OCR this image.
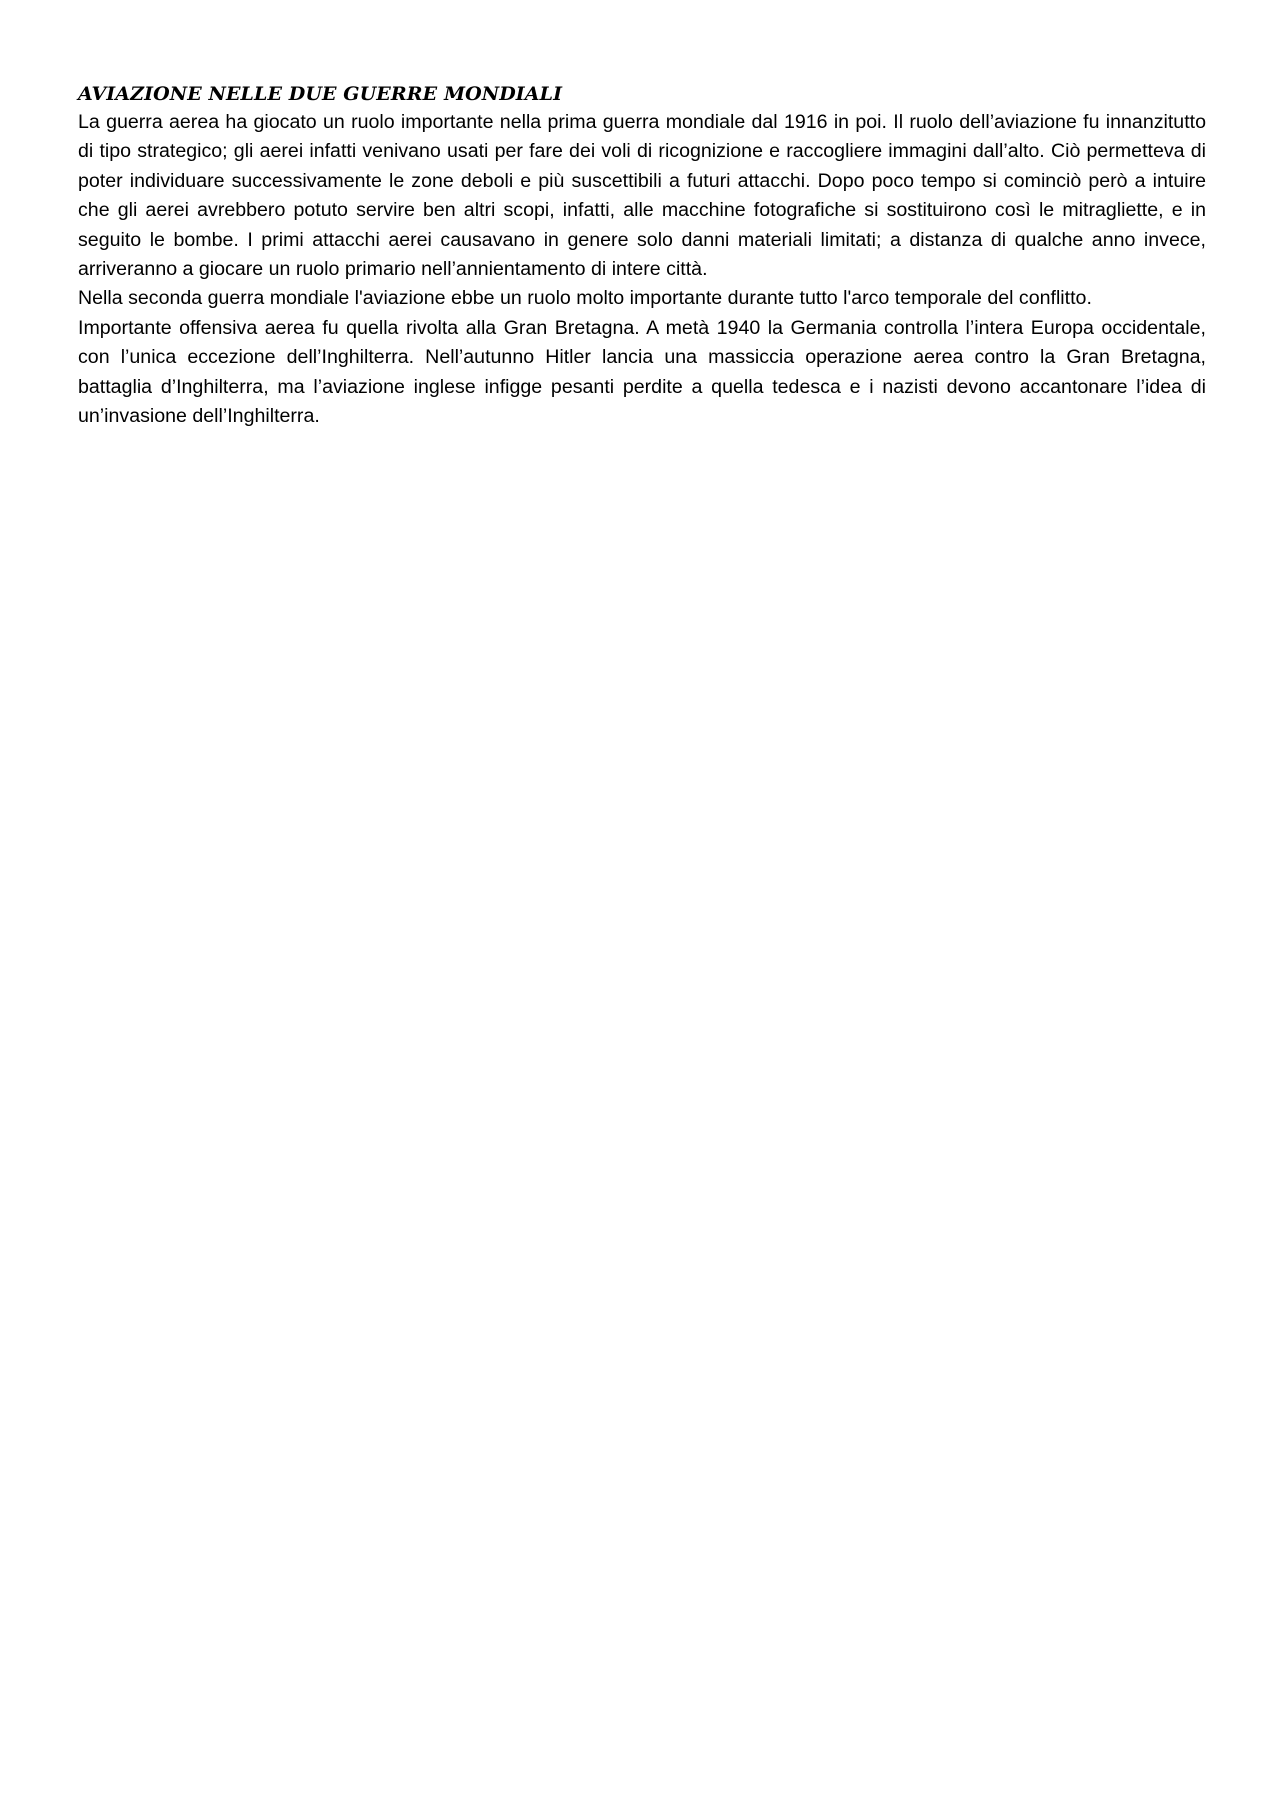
AVIAZIONE NELLE DUE GUERRE MONDIALI

La guerra aerea ha giocato un ruolo importante nella prima guerra mondiale dal 1916 in poi. Il ruolo dell’aviazione fu innanzitutto di tipo strategico; gli aerei infatti venivano usati per fare dei voli di ricognizione e raccogliere immagini dall’alto. Ciò permetteva di poter individuare successivamente le zone deboli e più suscettibili a futuri attacchi. Dopo poco tempo si cominciò però a intuire che gli aerei avrebbero potuto servire ben altri scopi, infatti, alle macchine fotografiche si sostituirono così le mitragliette, e in seguito le bombe. I primi attacchi aerei causavano in genere solo danni materiali limitati; a distanza di qualche anno invece, arriveranno a giocare un ruolo primario nell’annientamento di intere città.

Nella seconda guerra mondiale l'aviazione ebbe un ruolo molto importante durante tutto l'arco temporale del conflitto.

Importante offensiva aerea fu quella rivolta alla Gran Bretagna. A metà 1940 la Germania controlla l’intera Europa occidentale, con l’unica eccezione dell’Inghilterra. Nell’autunno Hitler lancia una massiccia operazione aerea contro la Gran Bretagna, battaglia d’Inghilterra, ma l’aviazione inglese infigge pesanti perdite a quella tedesca e i nazisti devono accantonare l’idea di un’invasione dell’Inghilterra.
